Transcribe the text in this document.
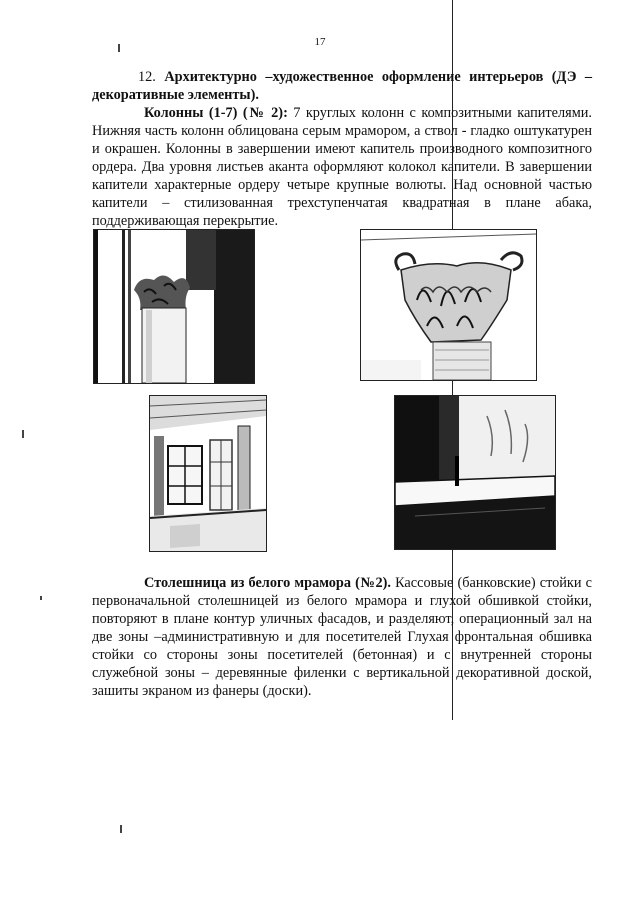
17
12. Архитектурно –художественное оформление интерьеров (ДЭ – декоративные элементы).
Колонны (1-7) (№ 2): 7 круглых колонн с композитными капителями. Нижняя часть колонн облицована серым мрамором, а ствол - гладко оштукатурен и окрашен. Колонны в завершении имеют капитель производного композитного ордера. Два уровня листьев аканта оформляют колокол капители. В завершении капители характерные ордеру четыре крупные волюты. Над основной частью капители – стилизованная трехступенчатая квадратная в плане абака, поддерживающая перекрытие.
Столешница из белого мрамора (№2). Кассовые (банковские) стойки с первоначальной столешницей из белого мрамора и глухой обшивкой стойки, повторяют в плане контур уличных фасадов, и разделяют, операционный зал на две зоны –административную и для посетителей Глухая фронтальная обшивка стойки со стороны зоны посетителей (бетонная) и с внутренней стороны служебной зоны – деревянные филенки с вертикальной декоративной доской, зашиты экраном из фанеры (доски).
